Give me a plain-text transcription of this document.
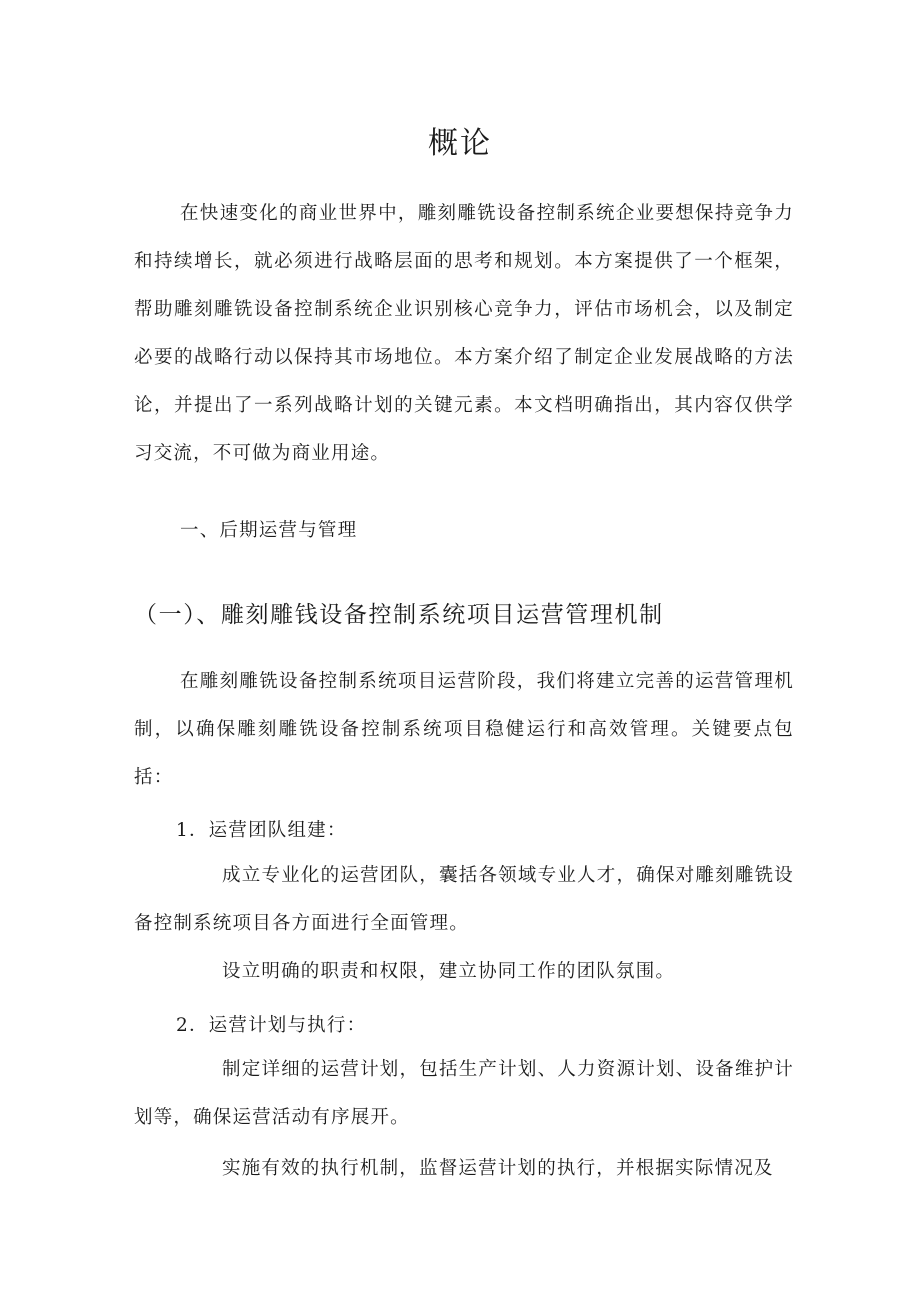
概论

在快速变化的商业世界中，雕刻雕铣设备控制系统企业要想保持竞争力和持续增长，就必须进行战略层面的思考和规划。本方案提供了一个框架，帮助雕刻雕铣设备控制系统企业识别核心竞争力，评估市场机会，以及制定必要的战略行动以保持其市场地位。本方案介绍了制定企业发展战略的方法论，并提出了一系列战略计划的关键元素。本文档明确指出，其内容仅供学习交流，不可做为商业用途。

一、后期运营与管理
（一）、雕刻雕钱设备控制系统项目运营管理机制

在雕刻雕铣设备控制系统项目运营阶段，我们将建立完善的运营管理机制，以确保雕刻雕铣设备控制系统项目稳健运行和高效管理。关键要点包括：

1．运营团队组建：

成立专业化的运营团队，囊括各领域专业人才，确保对雕刻雕铣设备控制系统项目各方面进行全面管理。

设立明确的职责和权限，建立协同工作的团队氛围。

2．运营计划与执行：

制定详细的运营计划，包括生产计划、人力资源计划、设备维护计划等，确保运营活动有序展开。

实施有效的执行机制，监督运营计划的执行，并根据实际情况及
